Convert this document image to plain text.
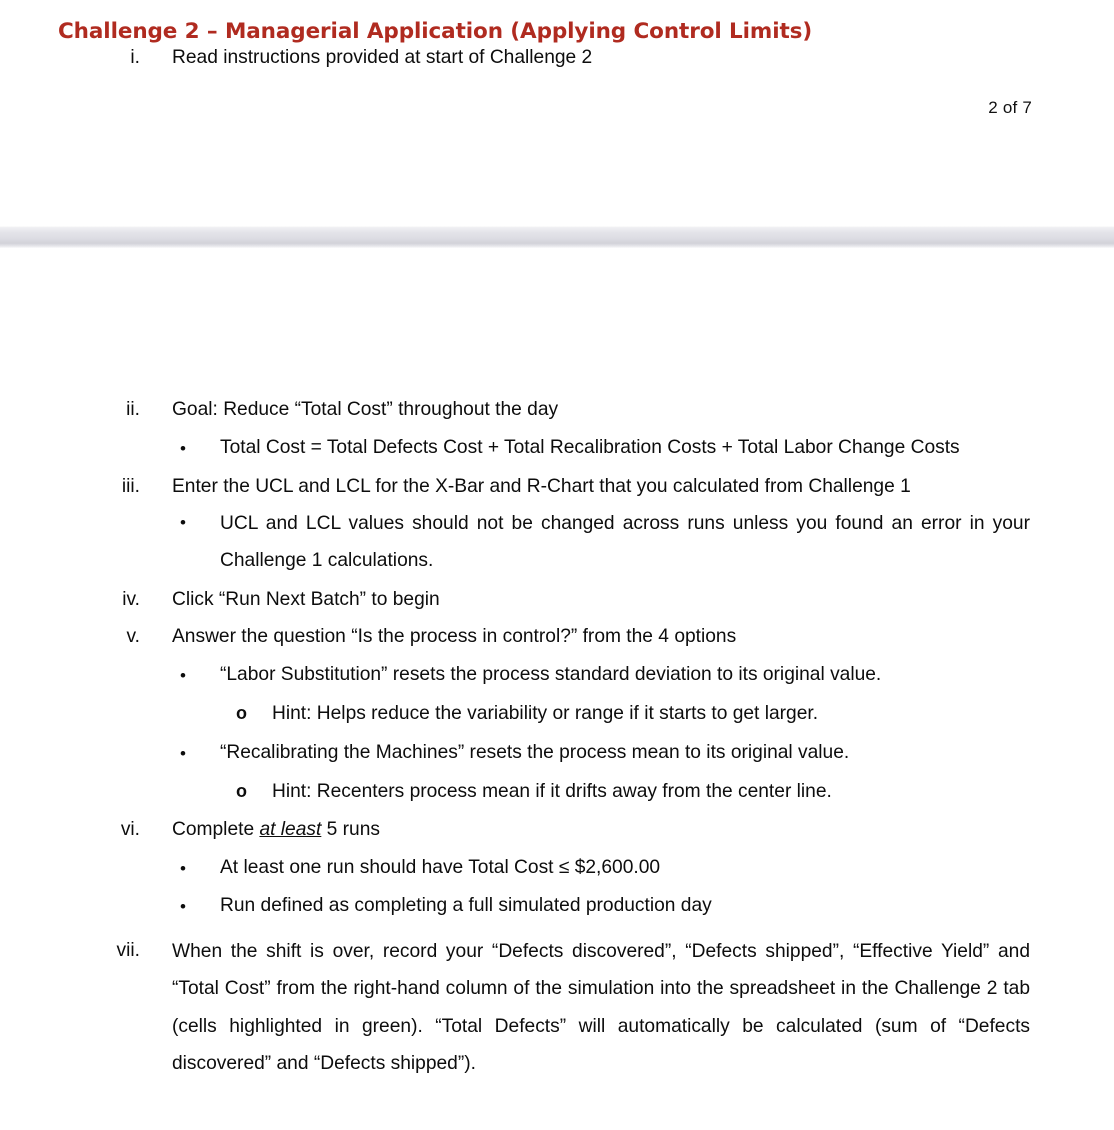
Challenge 2 – Managerial Application (Applying Control Limits)
2 of 7
i. Read instructions provided at start of Challenge 2
ii. Goal: Reduce “Total Cost” throughout the day
•	Total Cost = Total Defects Cost + Total Recalibration Costs + Total Labor Change Costs
iii. Enter the UCL and LCL for the X-Bar and R-Chart that you calculated from Challenge 1
•	UCL and LCL values should not be changed across runs unless you found an error in your Challenge 1 calculations.
iv. Click “Run Next Batch” to begin
v. Answer the question “Is the process in control?” from the 4 options
•	“Labor Substitution” resets the process standard deviation to its original value.
o	Hint: Helps reduce the variability or range if it starts to get larger.
•	“Recalibrating the Machines” resets the process mean to its original value.
o	Hint: Recenters process mean if it drifts away from the center line.
vi. Complete at least 5 runs
•	At least one run should have Total Cost ≤ $2,600.00
•	Run defined as completing a full simulated production day
vii. When the shift is over, record your “Defects discovered”, “Defects shipped”, “Effective Yield” and “Total Cost” from the right-hand column of the simulation into the spreadsheet in the Challenge 2 tab (cells highlighted in green). “Total Defects” will automatically be calculated (sum of “Defects discovered” and “Defects shipped”).
